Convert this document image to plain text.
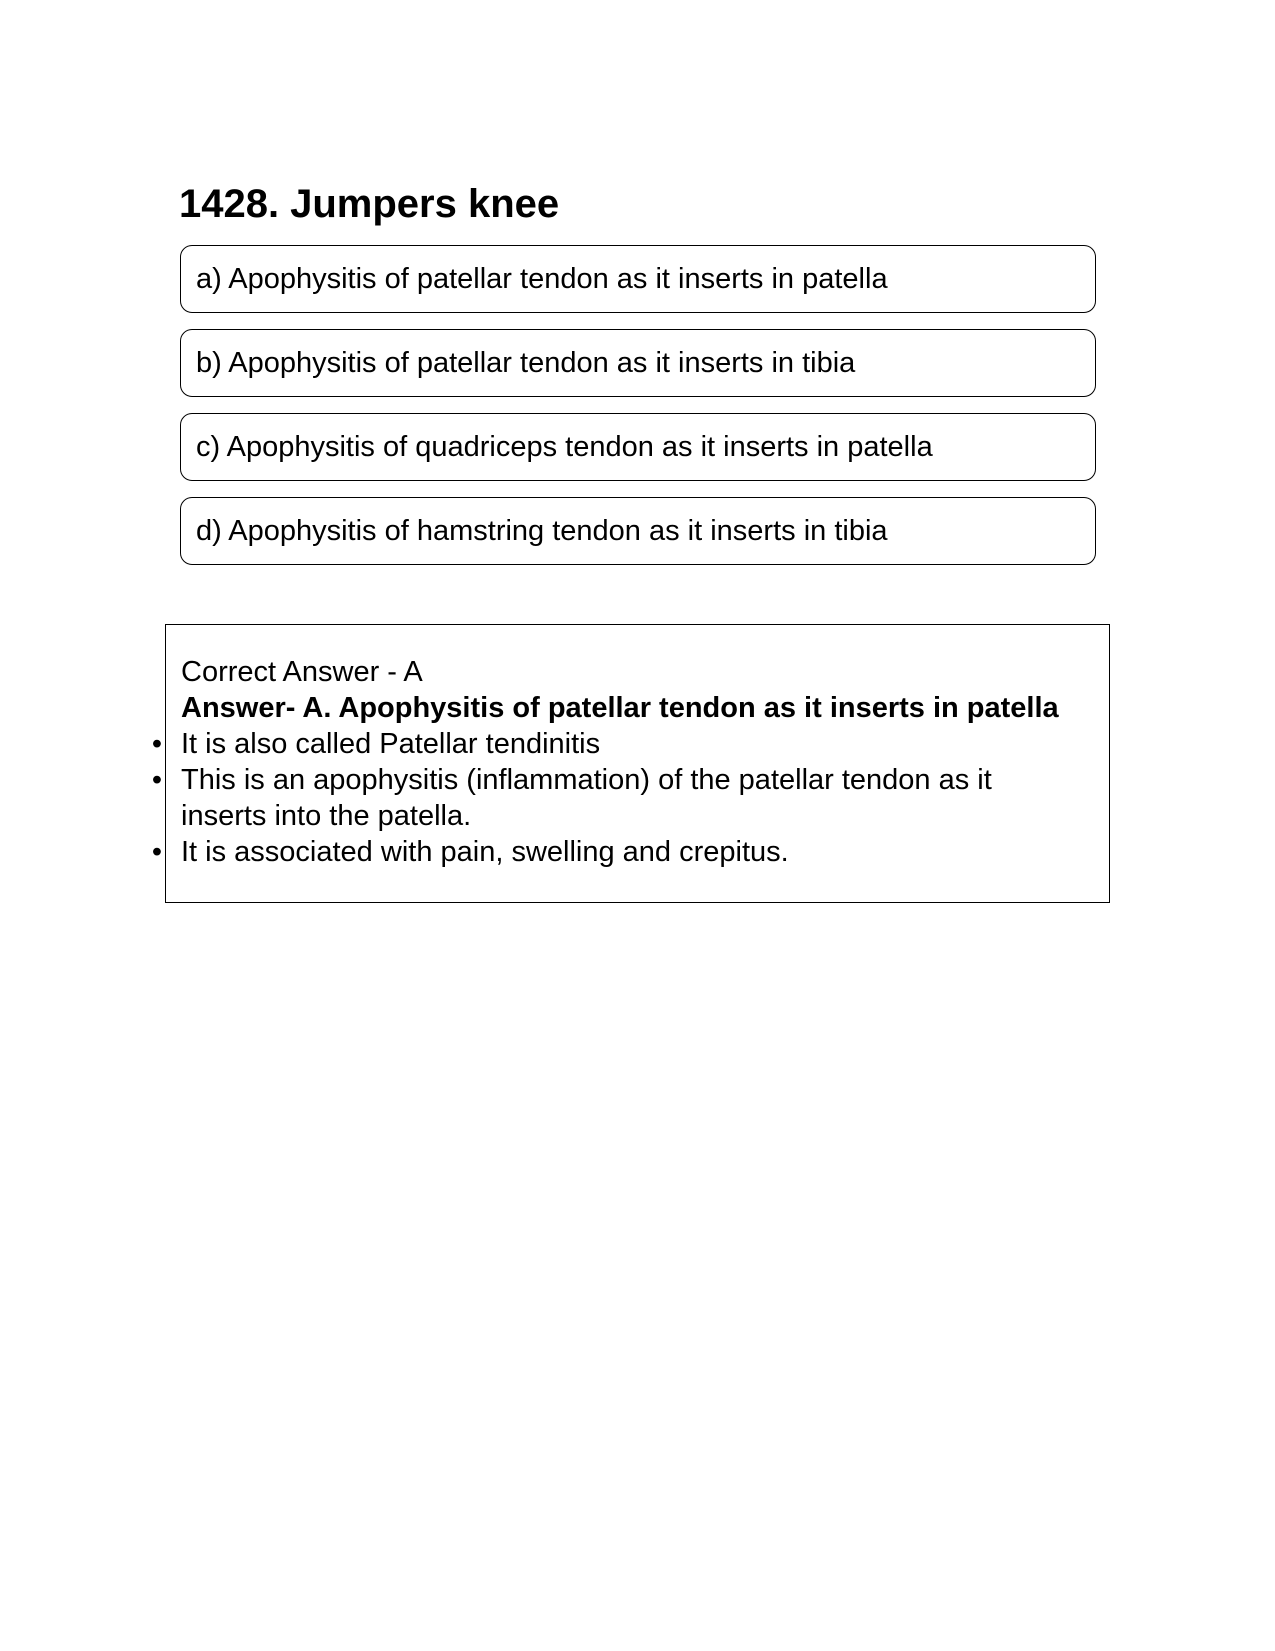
1428. Jumpers knee
a) Apophysitis of patellar tendon as it inserts in patella
b) Apophysitis of patellar tendon as it inserts in tibia
c) Apophysitis of quadriceps tendon as it inserts in patella
d) Apophysitis of hamstring tendon as it inserts in tibia

Correct Answer - A

Answer- A. Apophysitis of patellar tendon as it inserts in patella

• It is also called Patellar tendinitis
• This is an apophysitis (inflammation) of the patellar tendon as it inserts into the patella.
• It is associated with pain, swelling and crepitus.
